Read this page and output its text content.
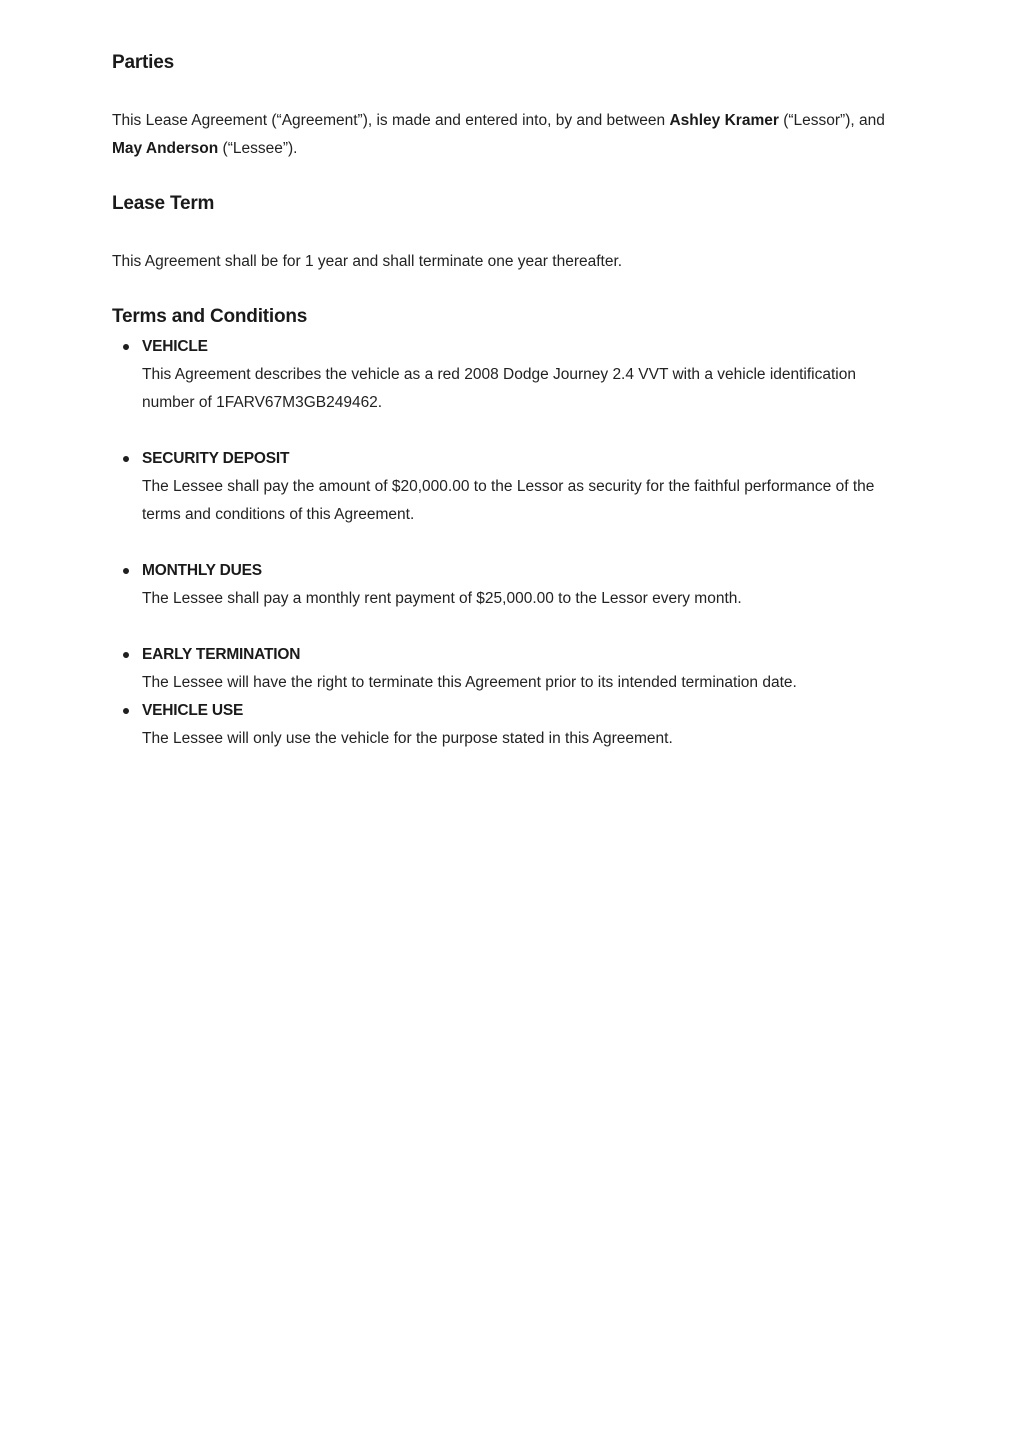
Parties

This Lease Agreement (“Agreement”), is made and entered into, by and between Ashley Kramer (“Lessor”), and May Anderson (“Lessee”).

Lease Term

This Agreement shall be for 1 year and shall terminate one year thereafter.

Terms and Conditions
VEHICLE
This Agreement describes the vehicle as a red 2008 Dodge Journey 2.4 VVT with a vehicle identification number of 1FARV67M3GB249462.
SECURITY DEPOSIT
The Lessee shall pay the amount of $20,000.00 to the Lessor as security for the faithful performance of the terms and conditions of this Agreement.
MONTHLY DUES
The Lessee shall pay a monthly rent payment of $25,000.00 to the Lessor every month.
EARLY TERMINATION
The Lessee will have the right to terminate this Agreement prior to its intended termination date.
VEHICLE USE
The Lessee will only use the vehicle for the purpose stated in this Agreement.
